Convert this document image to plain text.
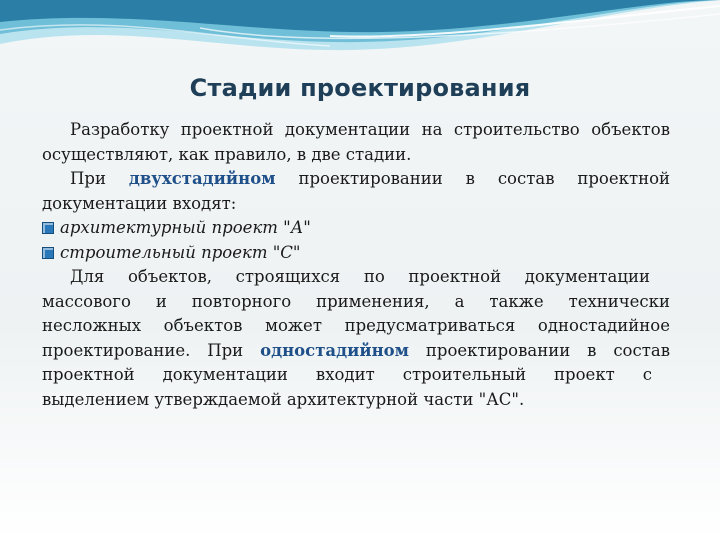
Стадии проектирования

Разработку проектной документации на строительство объектов

осуществляют, как правило, в две стадии.

При двухстадийном проектировании в состав проектной

документации входят:

архитектурный проект "А"
строительный проект "С"

Для объектов, строящихся по проектной документации

массового и повторного применения, а также технически

несложных объектов может предусматриваться одностадийное

проектирование. При одностадийном проектировании в состав

проектной документации входит строительный проект с

выделением утверждаемой архитектурной части "АС".
